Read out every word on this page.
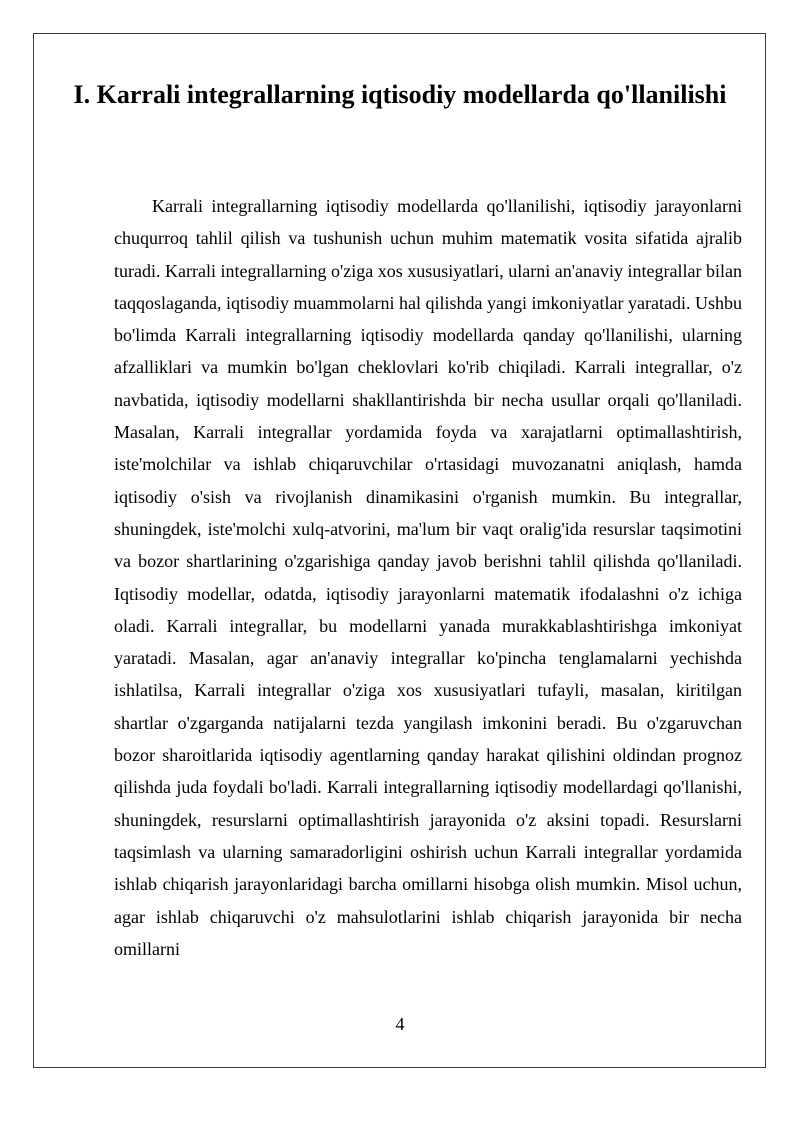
I. Karrali integrallarning iqtisodiy modellarda qo'llanilishi

Karrali integrallarning iqtisodiy modellarda qo'llanilishi, iqtisodiy jarayonlarni chuqurroq tahlil qilish va tushunish uchun muhim matematik vosita sifatida ajralib turadi. Karrali integrallarning o'ziga xos xususiyatlari, ularni an'anaviy integrallar bilan taqqoslaganda, iqtisodiy muammolarni hal qilishda yangi imkoniyatlar yaratadi. Ushbu bo'limda Karrali integrallarning iqtisodiy modellarda qanday qo'llanilishi, ularning afzalliklari va mumkin bo'lgan cheklovlari ko'rib chiqiladi. Karrali integrallar, o'z navbatida, iqtisodiy modellarni shakllantirishda bir necha usullar orqali qo'llaniladi. Masalan, Karrali integrallar yordamida foyda va xarajatlarni optimallashtirish, iste'molchilar va ishlab chiqaruvchilar o'rtasidagi muvozanatni aniqlash, hamda iqtisodiy o'sish va rivojlanish dinamikasini o'rganish mumkin. Bu integrallar, shuningdek, iste'molchi xulq-atvorini, ma'lum bir vaqt oralig'ida resurslar taqsimotini va bozor shartlarining o'zgarishiga qanday javob berishni tahlil qilishda qo'llaniladi. Iqtisodiy modellar, odatda, iqtisodiy jarayonlarni matematik ifodalashni o'z ichiga oladi. Karrali integrallar, bu modellarni yanada murakkablashtirishga imkoniyat yaratadi. Masalan, agar an'anaviy integrallar ko'pincha tenglamalarni yechishda ishlatilsa, Karrali integrallar o'ziga xos xususiyatlari tufayli, masalan, kiritilgan shartlar o'zgarganda natijalarni tezda yangilash imkonini beradi. Bu o'zgaruvchan bozor sharoitlarida iqtisodiy agentlarning qanday harakat qilishini oldindan prognoz qilishda juda foydali bo'ladi. Karrali integrallarning iqtisodiy modellardagi qo'llanishi, shuningdek, resurslarni optimallashtirish jarayonida o'z aksini topadi. Resurslarni taqsimlash va ularning samaradorligini oshirish uchun Karrali integrallar yordamida ishlab chiqarish jarayonlaridagi barcha omillarni hisobga olish mumkin. Misol uchun, agar ishlab chiqaruvchi o'z mahsulotlarini ishlab chiqarish jarayonida bir necha omillarni

4
